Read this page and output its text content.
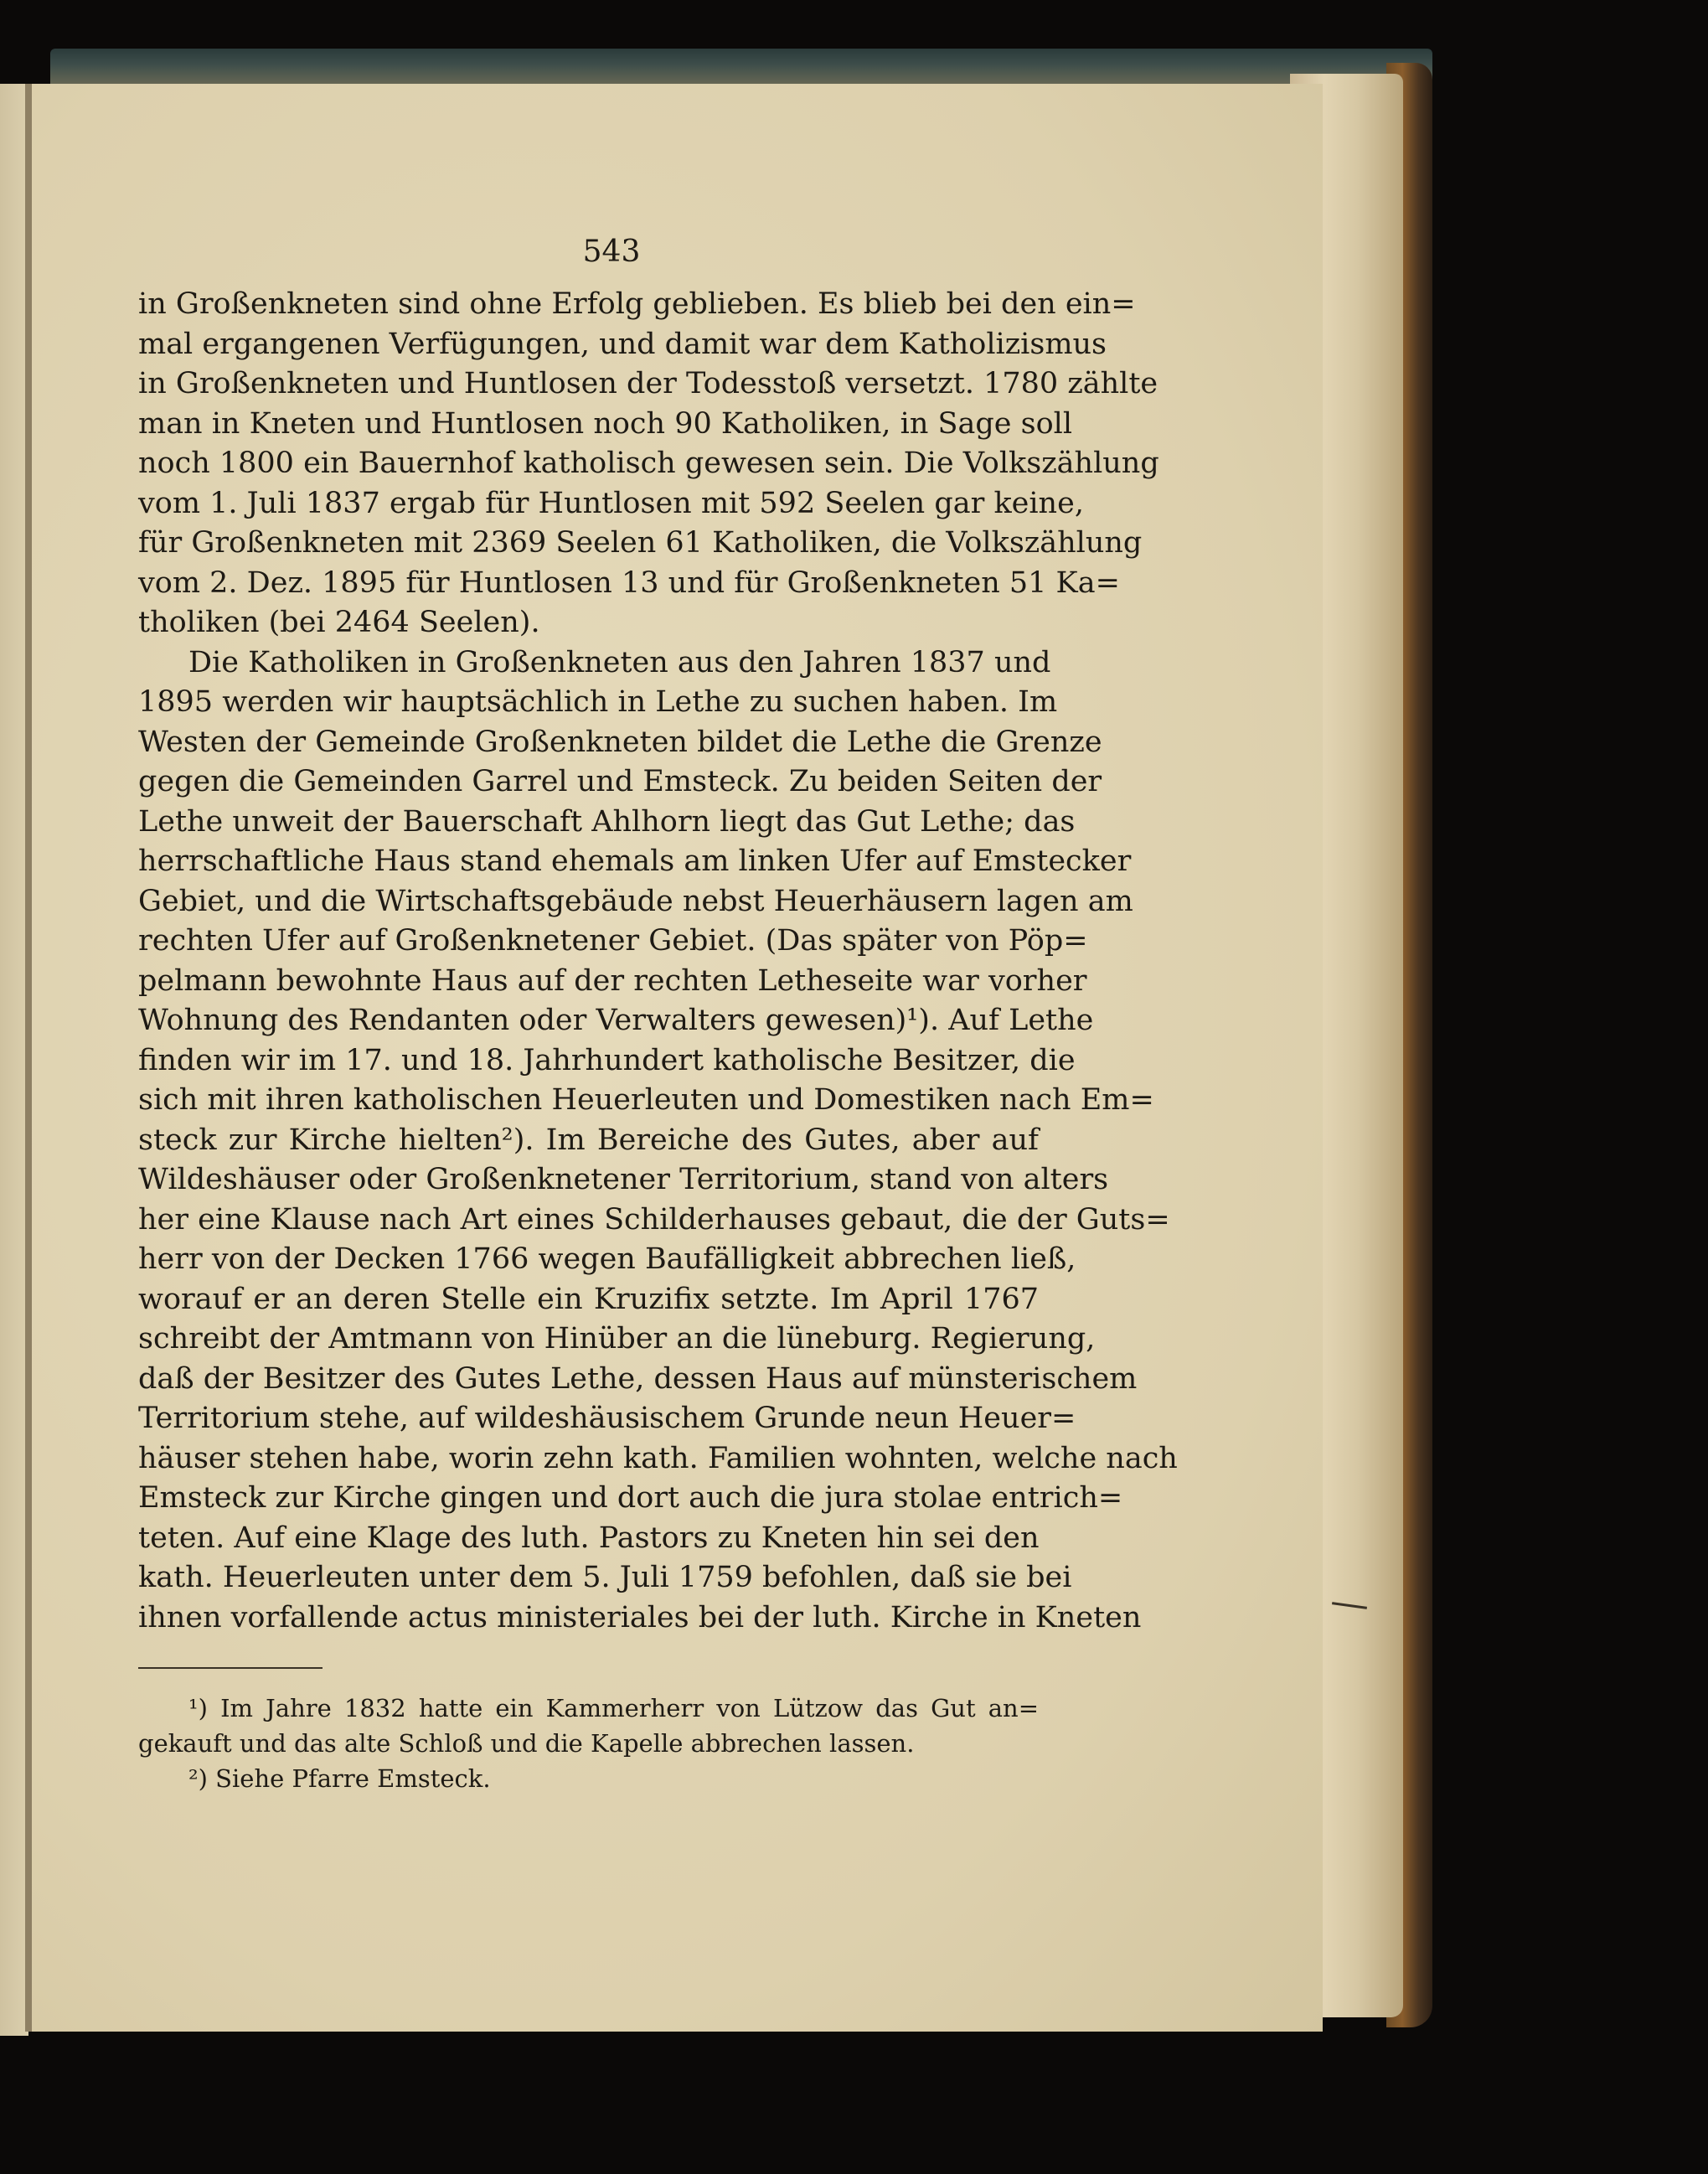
543
in Großenkneten sind ohne Erfolg geblieben. Es blieb bei den ein=
mal ergangenen Verfügungen, und damit war dem Katholizismus
in Großenkneten und Huntlosen der Todesstoß versetzt. 1780 zählte
man in Kneten und Huntlosen noch 90 Katholiken, in Sage soll
noch 1800 ein Bauernhof katholisch gewesen sein. Die Volkszählung
vom 1. Juli 1837 ergab für Huntlosen mit 592 Seelen gar keine,
für Großenkneten mit 2369 Seelen 61 Katholiken, die Volkszählung
vom 2. Dez. 1895 für Huntlosen 13 und für Großenkneten 51 Ka=
tholiken (bei 2464 Seelen).
Die Katholiken in Großenkneten aus den Jahren 1837 und
1895 werden wir hauptsächlich in Lethe zu suchen haben. Im
Westen der Gemeinde Großenkneten bildet die Lethe die Grenze
gegen die Gemeinden Garrel und Emsteck. Zu beiden Seiten der
Lethe unweit der Bauerschaft Ahlhorn liegt das Gut Lethe; das
herrschaftliche Haus stand ehemals am linken Ufer auf Emstecker
Gebiet, und die Wirtschaftsgebäude nebst Heuerhäusern lagen am
rechten Ufer auf Großenknetener Gebiet. (Das später von Pöp=
pelmann bewohnte Haus auf der rechten Letheseite war vorher
Wohnung des Rendanten oder Verwalters gewesen)¹). Auf Lethe
finden wir im 17. und 18. Jahrhundert katholische Besitzer, die
sich mit ihren katholischen Heuerleuten und Domestiken nach Em=
steck zur Kirche hielten²). Im Bereiche des Gutes, aber auf
Wildeshäuser oder Großenknetener Territorium, stand von alters
her eine Klause nach Art eines Schilderhauses gebaut, die der Guts=
herr von der Decken 1766 wegen Baufälligkeit abbrechen ließ,
worauf er an deren Stelle ein Kruzifix setzte. Im April 1767
schreibt der Amtmann von Hinüber an die lüneburg. Regierung,
daß der Besitzer des Gutes Lethe, dessen Haus auf münsterischem
Territorium stehe, auf wildeshäusischem Grunde neun Heuer=
häuser stehen habe, worin zehn kath. Familien wohnten, welche nach
Emsteck zur Kirche gingen und dort auch die jura stolae entrich=
teten. Auf eine Klage des luth. Pastors zu Kneten hin sei den
kath. Heuerleuten unter dem 5. Juli 1759 befohlen, daß sie bei
ihnen vorfallende actus ministeriales bei der luth. Kirche in Kneten
¹) Im Jahre 1832 hatte ein Kammerherr von Lützow das Gut an=
gekauft und das alte Schloß und die Kapelle abbrechen lassen.
²) Siehe Pfarre Emsteck.
